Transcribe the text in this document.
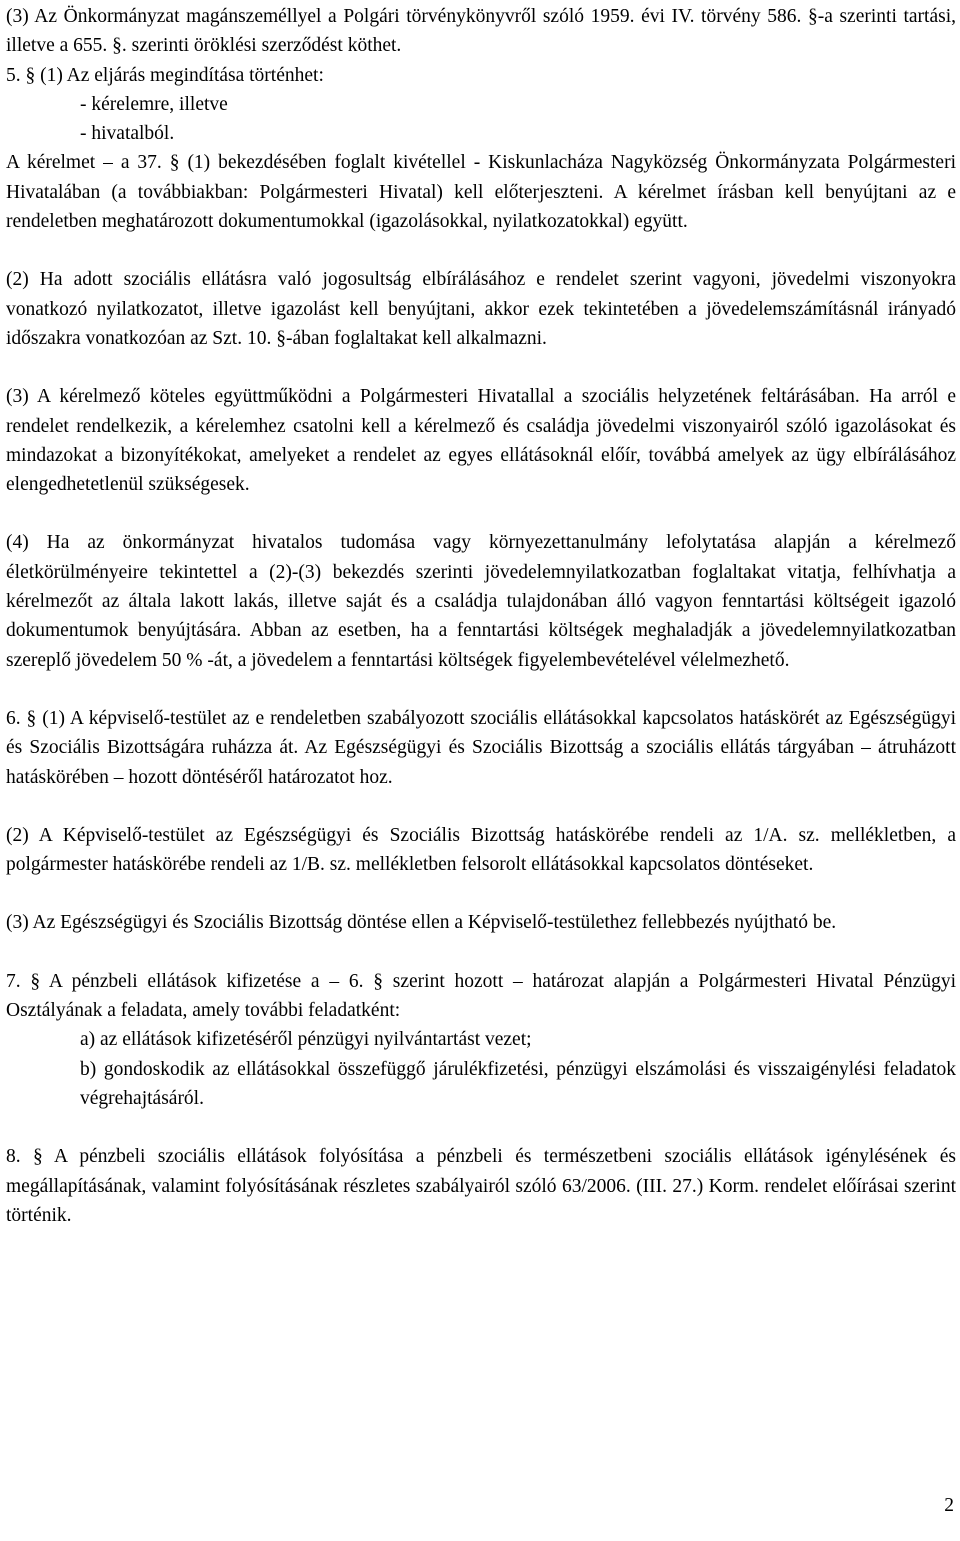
(3) Az Önkormányzat magánszeméllyel a Polgári törvénykönyvről szóló 1959. évi IV. törvény 586. §-a szerinti tartási, illetve a 655. §. szerinti öröklési szerződést köthet.

5. § (1) Az eljárás megindítása történhet:

- kérelemre, illetve

- hivatalból.

A kérelmet – a 37. § (1) bekezdésében foglalt kivétellel - Kiskunlacháza Nagyközség Önkormányzata Polgármesteri Hivatalában (a továbbiakban: Polgármesteri Hivatal) kell előterjeszteni. A kérelmet írásban kell benyújtani az e rendeletben meghatározott dokumentumokkal (igazolásokkal, nyilatkozatokkal) együtt.

(2) Ha adott szociális ellátásra való jogosultság elbírálásához e rendelet szerint vagyoni, jövedelmi viszonyokra vonatkozó nyilatkozatot, illetve igazolást kell benyújtani, akkor ezek tekintetében a jövedelemszámításnál irányadó időszakra vonatkozóan az Szt. 10. §-ában foglaltakat kell alkalmazni.

(3) A kérelmező köteles együttműködni a Polgármesteri Hivatallal a szociális helyzetének feltárásában. Ha arról e rendelet rendelkezik, a kérelemhez csatolni kell a kérelmező és családja jövedelmi viszonyairól szóló igazolásokat és mindazokat a bizonyítékokat, amelyeket a rendelet az egyes ellátásoknál előír, továbbá amelyek az ügy elbírálásához elengedhetetlenül szükségesek.

(4) Ha az önkormányzat hivatalos tudomása vagy környezettanulmány lefolytatása alapján a kérelmező életkörülményeire tekintettel a (2)-(3) bekezdés szerinti jövedelemnyilatkozatban foglaltakat vitatja, felhívhatja a kérelmezőt az általa lakott lakás, illetve saját és a családja tulajdonában álló vagyon fenntartási költségeit igazoló dokumentumok benyújtására. Abban az esetben, ha a fenntartási költségek meghaladják a jövedelemnyilatkozatban szereplő jövedelem 50 % -át, a jövedelem a fenntartási költségek figyelembevételével vélelmezhető.

6. § (1) A képviselő-testület az e rendeletben szabályozott szociális ellátásokkal kapcsolatos hatáskörét az Egészségügyi és Szociális Bizottságára ruházza át. Az Egészségügyi és Szociális Bizottság a szociális ellátás tárgyában – átruházott hatáskörében – hozott döntéséről határozatot hoz.

(2) A Képviselő-testület az Egészségügyi és Szociális Bizottság hatáskörébe rendeli az 1/A. sz. mellékletben, a polgármester hatáskörébe rendeli az 1/B. sz. mellékletben felsorolt ellátásokkal kapcsolatos döntéseket.

(3) Az Egészségügyi és Szociális Bizottság döntése ellen a Képviselő-testülethez fellebbezés nyújtható be.

7. § A pénzbeli ellátások kifizetése a – 6. § szerint hozott – határozat alapján a Polgármesteri Hivatal Pénzügyi Osztályának a feladata, amely további feladatként:

a) az ellátások kifizetéséről pénzügyi nyilvántartást vezet;

b) gondoskodik az ellátásokkal összefüggő járulékfizetési, pénzügyi elszámolási és visszaigénylési feladatok végrehajtásáról.

8. § A pénzbeli szociális ellátások folyósítása a pénzbeli és természetbeni szociális ellátások igénylésének és megállapításának, valamint folyósításának részletes szabályairól szóló 63/2006. (III. 27.) Korm. rendelet előírásai szerint történik.

2
